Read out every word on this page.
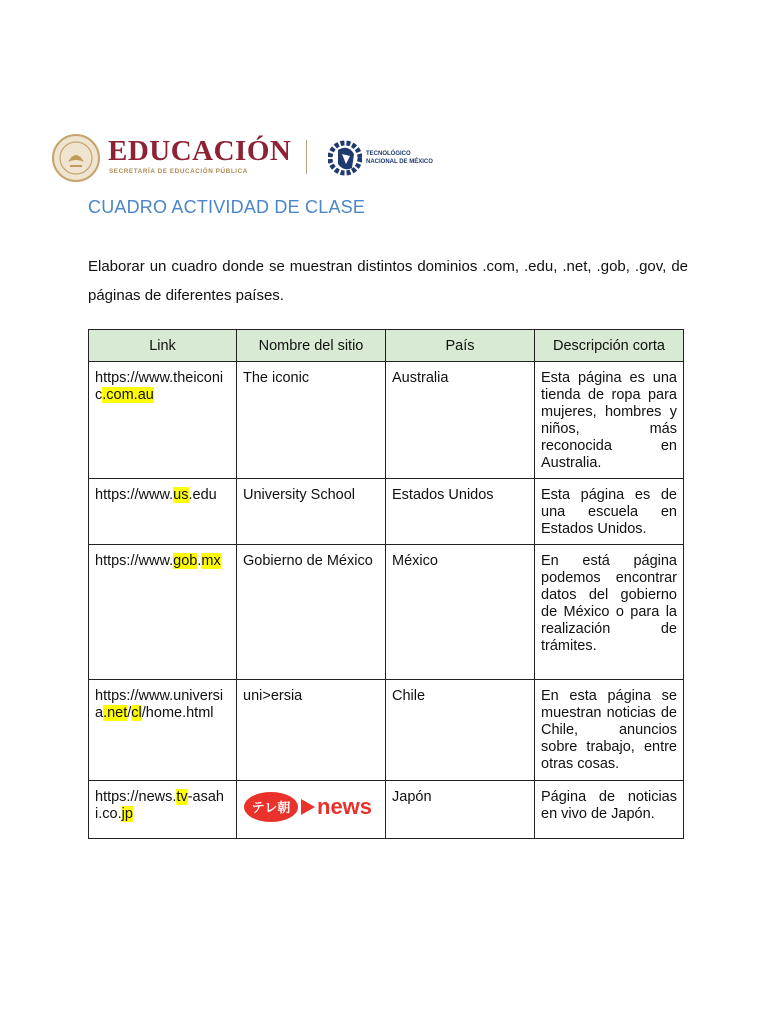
EDUCACIÓN
SECRETARÍA DE EDUCACIÓN PÚBLICA
TECNOLÓGICO
NACIONAL DE MÉXICO
CUADRO ACTIVIDAD DE CLASE
Elaborar un cuadro donde se muestran distintos dominios .com, .edu, .net, .gob, .gov, de páginas de diferentes países.
Link	Nombre del sitio	País	Descripción corta
https://www.theiconic.com.au	The iconic	Australia	Esta página es una tienda de ropa para mujeres, hombres y niños, más reconocida en Australia.
https://www.us.edu	University School	Estados Unidos	Esta página es de una escuela en Estados Unidos.
https://www.gob.mx	Gobierno de México	México	En está página podemos encontrar datos del gobierno de México o para la realización de trámites.
https://www.universia.net/cl/home.html	uni>ersia	Chile	En esta página se muestran noticias de Chile, anuncios sobre trabajo, entre otras cosas.
https://news.tv-asahi.co.jp	テレ朝 news	Japón	Página de noticias en vivo de Japón.
